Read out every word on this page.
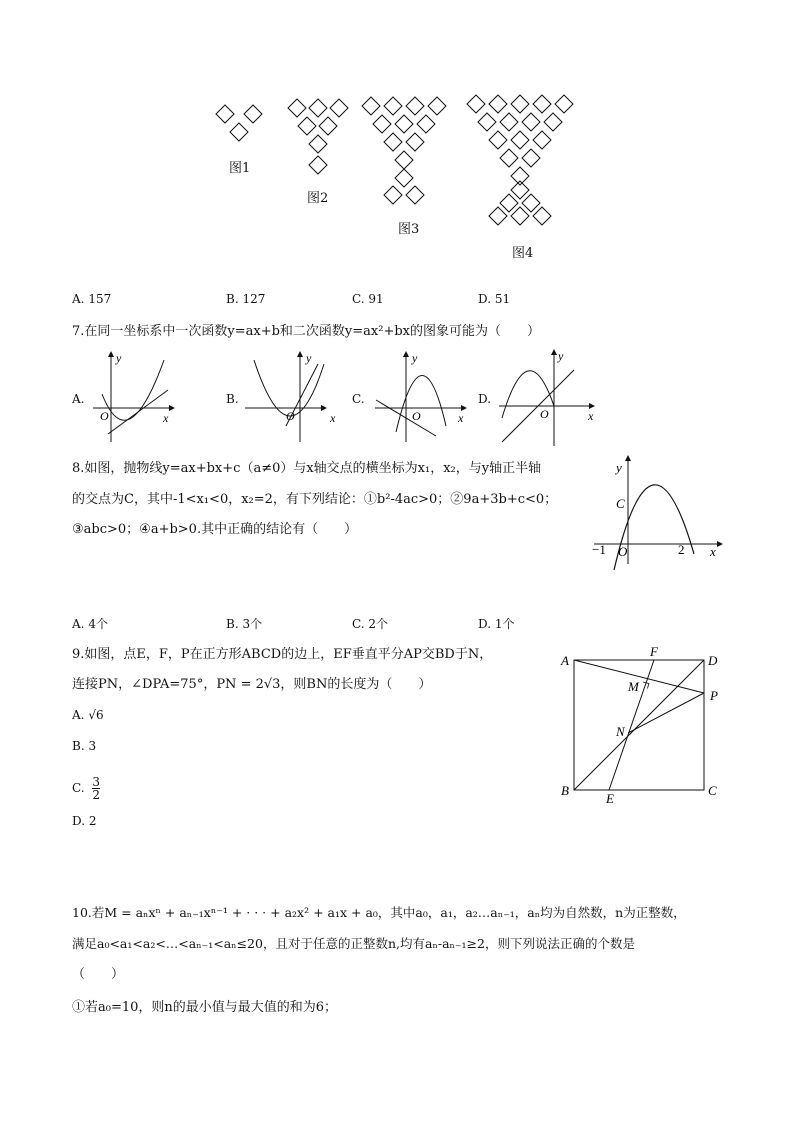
图1
图2
图3
图4
A. 157	B. 127	C. 91	D. 51
7.在同一坐标系中一次函数y=ax+b和二次函数y=ax²+bx的图象可能为（　　）
A.	B.	C.	D.
y
x
O
y
x
O
y
x
O
y
x
O
8.如图，抛物线y=ax+bx+c（a≠0）与x轴交点的横坐标为x₁，x₂，与y轴正半轴
的交点为C，其中-1<x₁<0，x₂=2，有下列结论：①b²-4ac>0；②9a+3b+c<0；
③abc>0；④a+b>0.其中正确的结论有（　　）
y
x
C
O
−1	2
A. 4个	B. 3个	C. 2个	D. 1个
9.如图，点E，F，P在正方形ABCD的边上，EF垂直平分AP交BD于N，
连接PN，∠DPA=75°，PN = 2√3，则BN的长度为（　　）
A. √6
B. 3
C. $\frac{3}{2}$
D. 2
A
B	C
D
E
F
M
N
P
10.若M = aₙxⁿ + aₙ₋₁xⁿ⁻¹ + · · · + a₂x² + a₁x + a₀，其中a₀，a₁，a₂…aₙ₋₁，aₙ均为自然数，n为正整数，
满足a₀<a₁<a₂<…<aₙ₋₁<aₙ≤20，且对于任意的正整数n,均有aₙ-aₙ₋₁≥2，则下列说法正确的个数是
（　　）
①若a₀=10，则n的最小值与最大值的和为6；
